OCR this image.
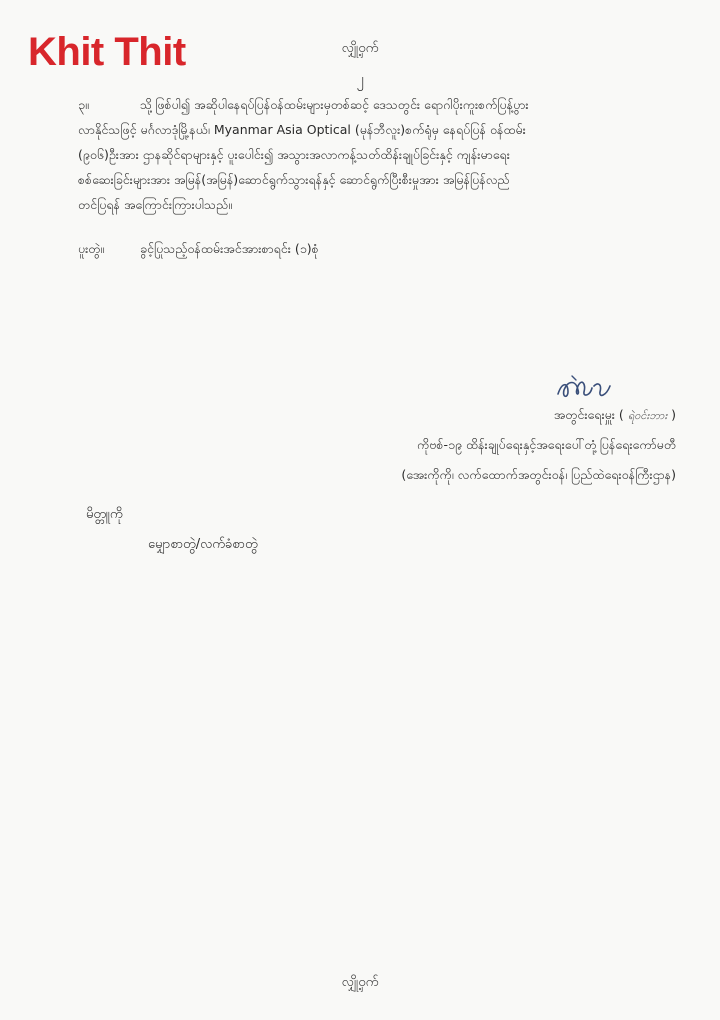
Khit Thit	လျှို့ဝှက်
၂
၃။	သို့ဖြစ်ပါ၍ အဆိုပါနေရပ်ပြန်ဝန်ထမ်းများမှတစ်ဆင့် ဒေသတွင်း ရောဂါပိုးကူးစက်ပြန့်ပွား
လာနိုင်သဖြင့် မင်္ဂလာဒုံမြို့နယ်၊ Myanmar Asia Optical (မုန်ဘီလူး)စက်ရုံမှ နေရပ်ပြန် ဝန်ထမ်း
(၉၀၆)ဦးအား ဌာနဆိုင်ရာများနှင့် ပူးပေါင်း၍ အသွားအလာကန့်သတ်ထိန်းချုပ်ခြင်းနှင့် ကျန်းမာရေး
စစ်ဆေးခြင်းများအား အမြန်(အမြန်)ဆောင်ရွက်သွားရန်နှင့် ဆောင်ရွက်ပြီးစီးမှုအား အမြန်ပြန်လည်
တင်ပြရန် အကြောင်းကြားပါသည်။
ပူးတွဲ။	ခွင့်ပြုသည့်ဝန်ထမ်းအင်အားစာရင်း (၁)စုံ
အတွင်းရေးမှူး ( ရဲဝင်းဘား )
ကိုဗစ်-၁၉ ထိန်းချုပ်ရေးနှင့်အရေးပေါ်တုံ့ပြန်ရေးကော်မတီ
(အေးကိုကို၊ လက်ထောက်အတွင်းဝန်၊ ပြည်ထဲရေးဝန်ကြီးဌာန)
မိတ္တူကို
မျှောစာတွဲ/လက်ခံစာတွဲ
လျှို့ဝှက်
